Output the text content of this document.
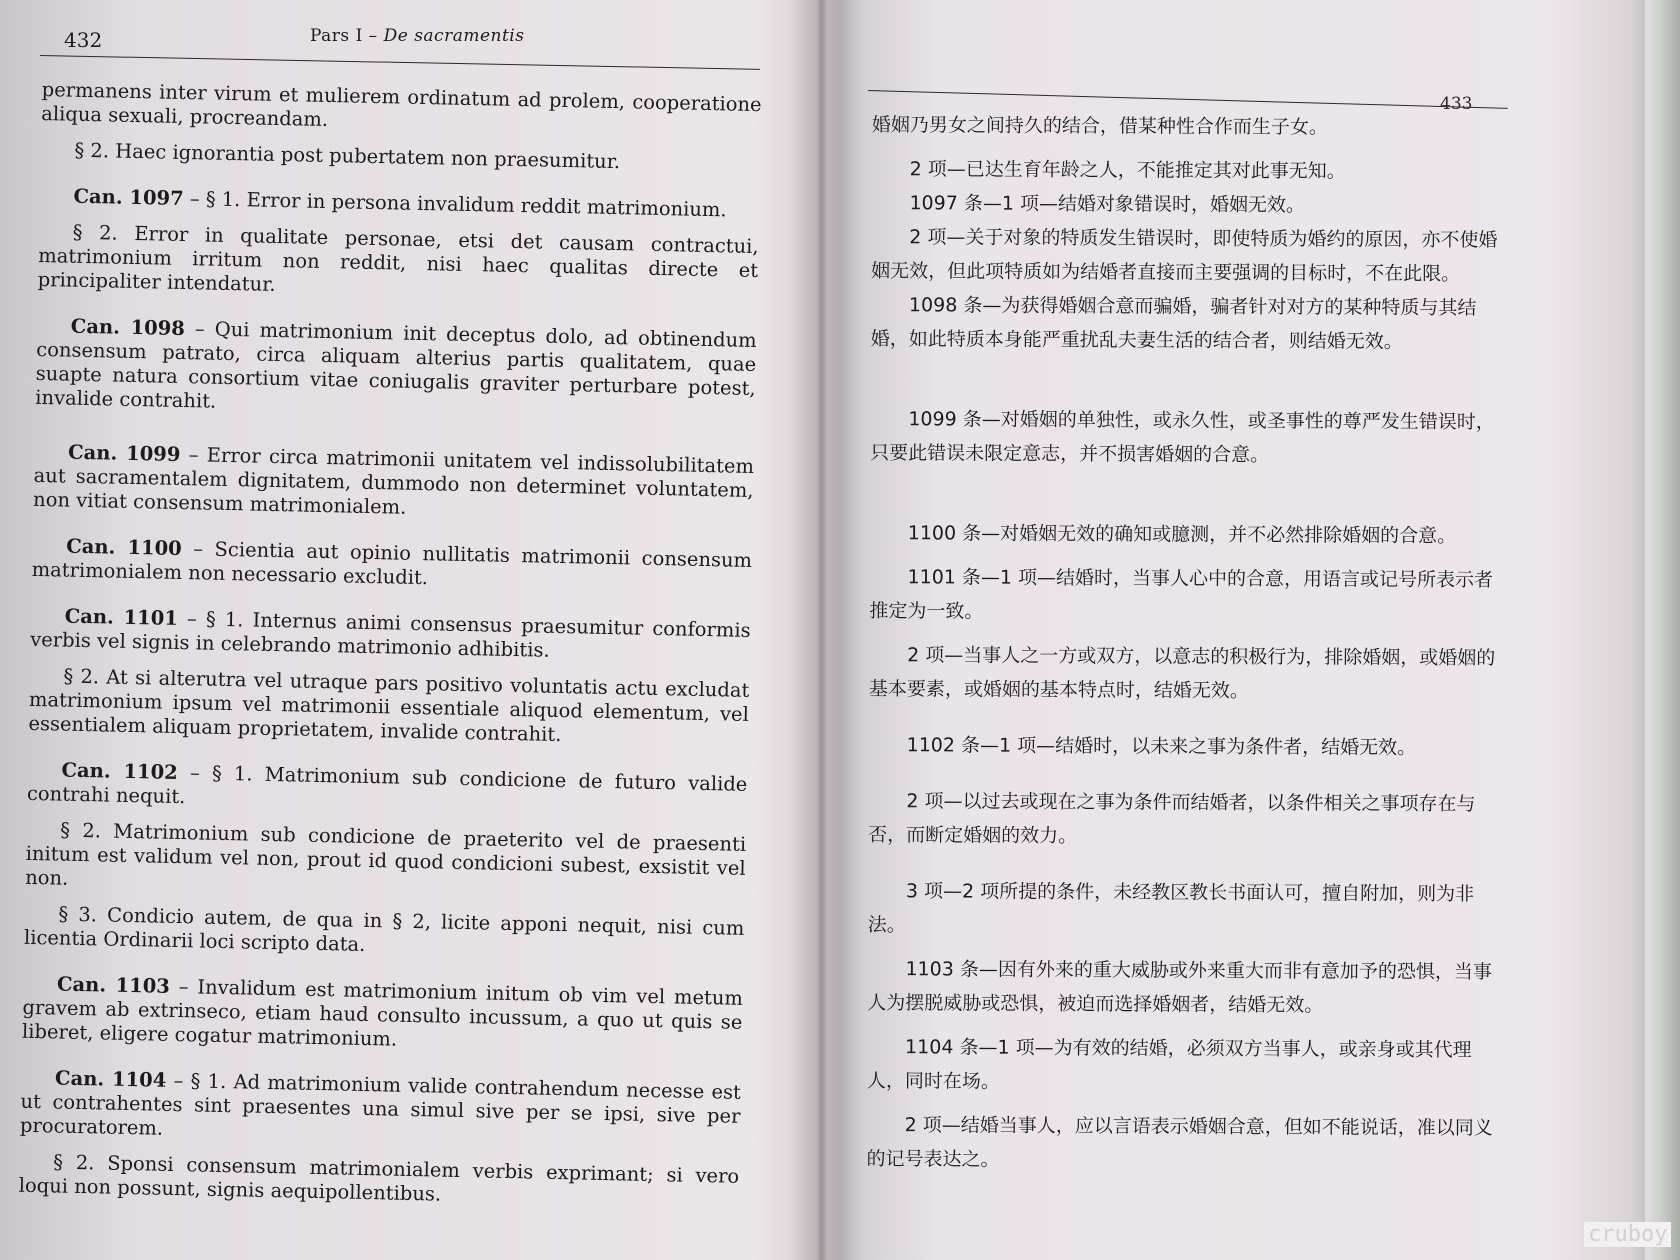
432	Pars I – De sacramentis

permanens inter virum et mulierem ordinatum ad prolem, cooperatione aliqua sexuali, procreandam.

§ 2. Haec ignorantia post pubertatem non praesumitur.

Can. 1097 – § 1. Error in persona invalidum reddit matrimonium.

§ 2. Error in qualitate personae, etsi det causam contractui, matrimonium irritum non reddit, nisi haec qualitas directe et principaliter intendatur.

Can. 1098 – Qui matrimonium init deceptus dolo, ad obtinendum consensum patrato, circa aliquam alterius partis qualitatem, quae suapte natura consortium vitae coniugalis graviter perturbare potest, invalide contrahit.

Can. 1099 – Error circa matrimonii unitatem vel indissolubilitatem aut sacramentalem dignitatem, dummodo non determinet voluntatem, non vitiat consensum matrimonialem.

Can. 1100 – Scientia aut opinio nullitatis matrimonii consensum matrimonialem non necessario excludit.

Can. 1101 – § 1. Internus animi consensus praesumitur conformis verbis vel signis in celebrando matrimonio adhibitis.

§ 2. At si alterutra vel utraque pars positivo voluntatis actu excludat matrimonium ipsum vel matrimonii essentiale aliquod elementum, vel essentialem aliquam proprietatem, invalide contrahit.

Can. 1102 – § 1. Matrimonium sub condicione de futuro valide contrahi nequit.

§ 2. Matrimonium sub condicione de praeterito vel de praesenti initum est validum vel non, prout id quod condicioni subest, exsistit vel non.

§ 3. Condicio autem, de qua in § 2, licite apponi nequit, nisi cum licentia Ordinarii loci scripto data.

Can. 1103 – Invalidum est matrimonium initum ob vim vel metum gravem ab extrinseco, etiam haud consulto incussum, a quo ut quis se liberet, eligere cogatur matrimonium.

Can. 1104 – § 1. Ad matrimonium valide contrahendum necesse est ut contrahentes sint praesentes una simul sive per se ipsi, sive per procuratorem.

§ 2. Sponsi consensum matrimonialem verbis exprimant; si vero loqui non possunt, signis aequipollentibus.

433

婚姻乃男女之间持久的结合，借某种性合作而生子女。

2 项—已达生育年龄之人，不能推定其对此事无知。

1097 条—1 项—结婚对象错误时，婚姻无效。

2 项—关于对象的特质发生错误时，即使特质为婚约的原因，亦不使婚姻无效，但此项特质如为结婚者直接而主要强调的目标时，不在此限。

1098 条—为获得婚姻合意而骗婚，骗者针对对方的某种特质与其结婚，如此特质本身能严重扰乱夫妻生活的结合者，则结婚无效。

1099 条—对婚姻的单独性，或永久性，或圣事性的尊严发生错误时，只要此错误未限定意志，并不损害婚姻的合意。

1100 条—对婚姻无效的确知或臆测，并不必然排除婚姻的合意。

1101 条—1 项—结婚时，当事人心中的合意，用语言或记号所表示者推定为一致。

2 项—当事人之一方或双方，以意志的积极行为，排除婚姻，或婚姻的基本要素，或婚姻的基本特点时，结婚无效。

1102 条—1 项—结婚时，以未来之事为条件者，结婚无效。

2 项—以过去或现在之事为条件而结婚者，以条件相关之事项存在与否，而断定婚姻的效力。

3 项—2 项所提的条件，未经教区教长书面认可，擅自附加，则为非法。

1103 条—因有外来的重大威胁或外来重大而非有意加予的恐惧，当事人为摆脱威胁或恐惧，被迫而选择婚姻者，结婚无效。

1104 条—1 项—为有效的结婚，必须双方当事人，或亲身或其代理人，同时在场。

2 项—结婚当事人，应以言语表示婚姻合意，但如不能说话，准以同义的记号表达之。

cruboy
